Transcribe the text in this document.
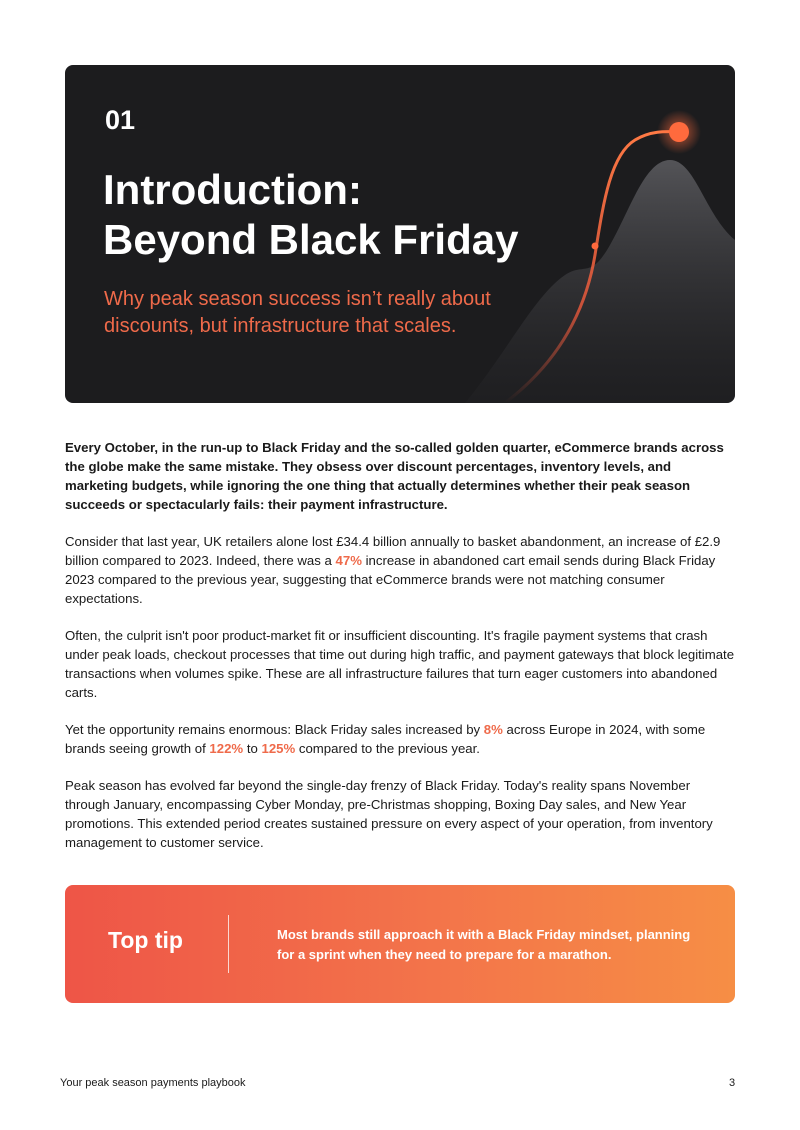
01
Introduction:
Beyond Black Friday

Why peak season success isn’t really about discounts, but infrastructure that scales.

Every October, in the run-up to Black Friday and the so-called golden quarter, eCommerce brands across the globe make the same mistake. They obsess over discount percentages, inventory levels, and marketing budgets, while ignoring the one thing that actually determines whether their peak season succeeds or spectacularly fails: their payment infrastructure.

Consider that last year, UK retailers alone lost £34.4 billion annually to basket abandonment, an increase of £2.9 billion compared to 2023. Indeed, there was a 47% increase in abandoned cart email sends during Black Friday 2023 compared to the previous year, suggesting that eCommerce brands were not matching consumer expectations.

Often, the culprit isn't poor product-market fit or insufficient discounting. It's fragile payment systems that crash under peak loads, checkout processes that time out during high traffic, and payment gateways that block legitimate transactions when volumes spike. These are all infrastructure failures that turn eager customers into abandoned carts.

Yet the opportunity remains enormous: Black Friday sales increased by 8% across Europe in 2024, with some brands seeing growth of 122% to 125% compared to the previous year.

Peak season has evolved far beyond the single-day frenzy of Black Friday. Today's reality spans November through January, encompassing Cyber Monday, pre-Christmas shopping, Boxing Day sales, and New Year promotions. This extended period creates sustained pressure on every aspect of your operation, from inventory management to customer service.

Top tip	Most brands still approach it with a Black Friday mindset, planning for a sprint when they need to prepare for a marathon.
Your peak season payments playbook	3
